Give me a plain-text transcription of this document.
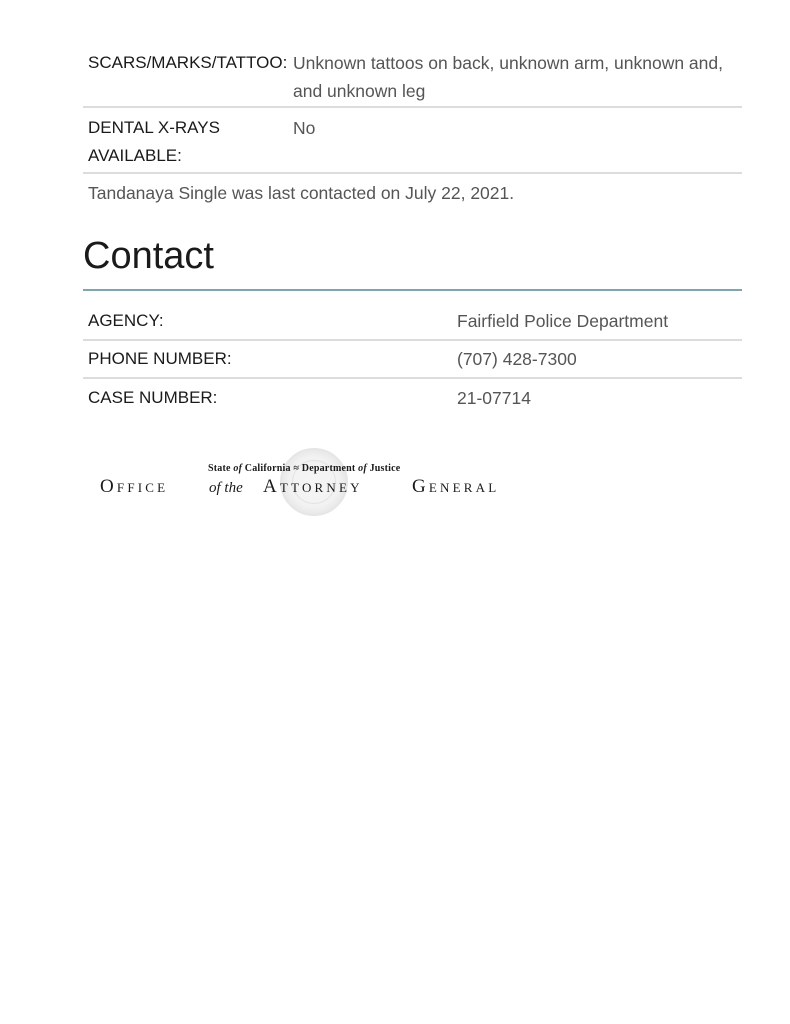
SCARS/MARKS/TATTOO: Unknown tattoos on back, unknown arm, unknown and, and unknown leg
DENTAL X-RAYS AVAILABLE:
No
Tandanaya Single was last contacted on July 22, 2021.
Contact
AGENCY:	Fairfield Police Department
PHONE NUMBER:	(707) 428-7300
CASE NUMBER:	21-07714
State of California ≈ Department of Justice
Office	of the Attorney	General
